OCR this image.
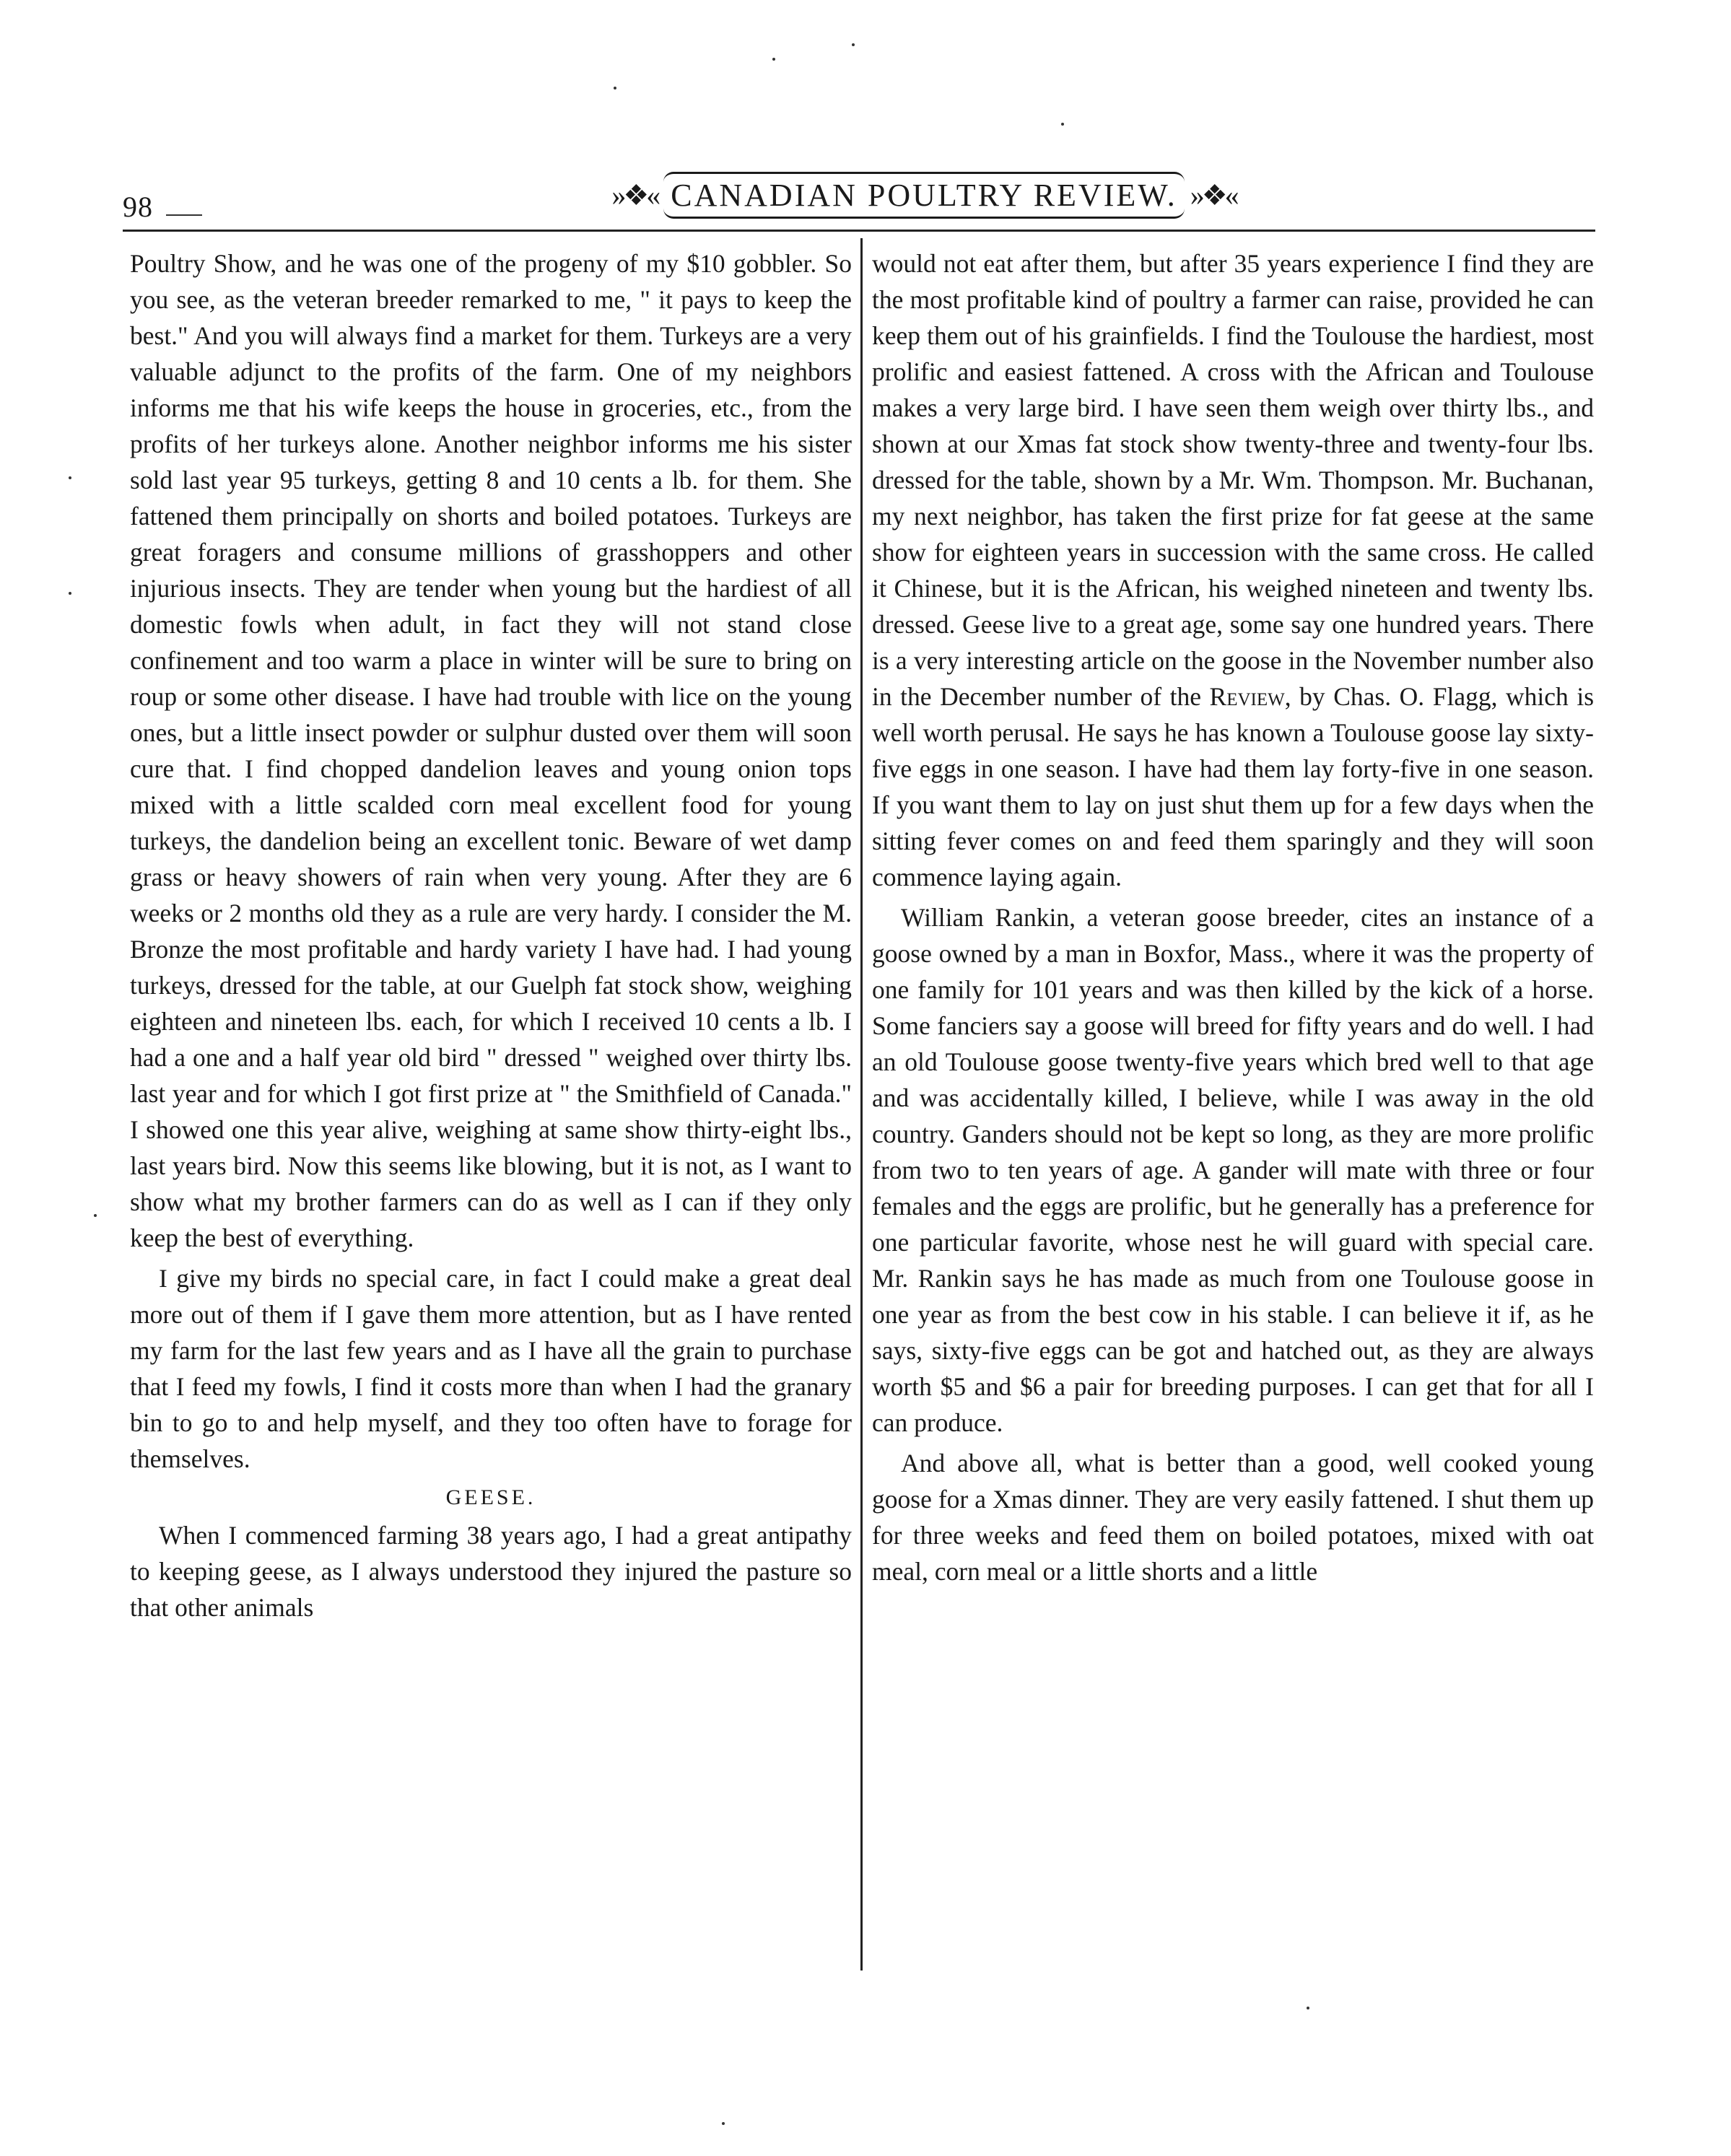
98	»❖« CANADIAN POULTRY REVIEW. »❖«

Poultry Show, and he was one of the progeny of my $10 gobbler. So you see, as the veteran breeder remarked to me, " it pays to keep the best." And you will always find a market for them. Turkeys are a very valuable adjunct to the profits of the farm. One of my neighbors informs me that his wife keeps the house in groceries, etc., from the profits of her turkeys alone. Another neighbor informs me his sister sold last year 95 turkeys, getting 8 and 10 cents a lb. for them. She fattened them principally on shorts and boiled potatoes. Turkeys are great foragers and consume millions of grasshoppers and other injurious insects. They are tender when young but the hardiest of all domestic fowls when adult, in fact they will not stand close confinement and too warm a place in winter will be sure to bring on roup or some other disease. I have had trouble with lice on the young ones, but a little insect powder or sulphur dusted over them will soon cure that. I find chopped dandelion leaves and young onion tops mixed with a little scalded corn meal excellent food for young turkeys, the dandelion being an excellent tonic. Beware of wet damp grass or heavy showers of rain when very young. After they are 6 weeks or 2 months old they as a rule are very hardy. I consider the M. Bronze the most profitable and hardy variety I have had. I had young turkeys, dressed for the table, at our Guelph fat stock show, weighing eighteen and nineteen lbs. each, for which I received 10 cents a lb. I had a one and a half year old bird " dressed " weighed over thirty lbs. last year and for which I got first prize at " the Smithfield of Canada." I showed one this year alive, weighing at same show thirty-eight lbs., last years bird. Now this seems like blowing, but it is not, as I want to show what my brother farmers can do as well as I can if they only keep the best of everything.

I give my birds no special care, in fact I could make a great deal more out of them if I gave them more attention, but as I have rented my farm for the last few years and as I have all the grain to purchase that I feed my fowls, I find it costs more than when I had the granary bin to go to and help myself, and they too often have to forage for themselves.

GEESE.

When I commenced farming 38 years ago, I had a great antipathy to keeping geese, as I always understood they injured the pasture so that other animals

would not eat after them, but after 35 years experience I find they are the most profitable kind of poultry a farmer can raise, provided he can keep them out of his grainfields. I find the Toulouse the hardiest, most prolific and easiest fattened. A cross with the African and Toulouse makes a very large bird. I have seen them weigh over thirty lbs., and shown at our Xmas fat stock show twenty-three and twenty-four lbs. dressed for the table, shown by a Mr. Wm. Thompson. Mr. Buchanan, my next neighbor, has taken the first prize for fat geese at the same show for eighteen years in succession with the same cross. He called it Chinese, but it is the African, his weighed nineteen and twenty lbs. dressed. Geese live to a great age, some say one hundred years. There is a very interesting article on the goose in the November number also in the December number of the Review, by Chas. O. Flagg, which is well worth perusal. He says he has known a Toulouse goose lay sixty-five eggs in one season. I have had them lay forty-five in one season. If you want them to lay on just shut them up for a few days when the sitting fever comes on and feed them sparingly and they will soon commence laying again.

William Rankin, a veteran goose breeder, cites an instance of a goose owned by a man in Boxfor, Mass., where it was the property of one family for 101 years and was then killed by the kick of a horse. Some fanciers say a goose will breed for fifty years and do well. I had an old Toulouse goose twenty-five years which bred well to that age and was accidentally killed, I believe, while I was away in the old country. Ganders should not be kept so long, as they are more prolific from two to ten years of age. A gander will mate with three or four females and the eggs are prolific, but he generally has a preference for one particular favorite, whose nest he will guard with special care. Mr. Rankin says he has made as much from one Toulouse goose in one year as from the best cow in his stable. I can believe it if, as he says, sixty-five eggs can be got and hatched out, as they are always worth $5 and $6 a pair for breeding purposes. I can get that for all I can produce.

And above all, what is better than a good, well cooked young goose for a Xmas dinner. They are very easily fattened. I shut them up for three weeks and feed them on boiled potatoes, mixed with oat meal, corn meal or a little shorts and a little
